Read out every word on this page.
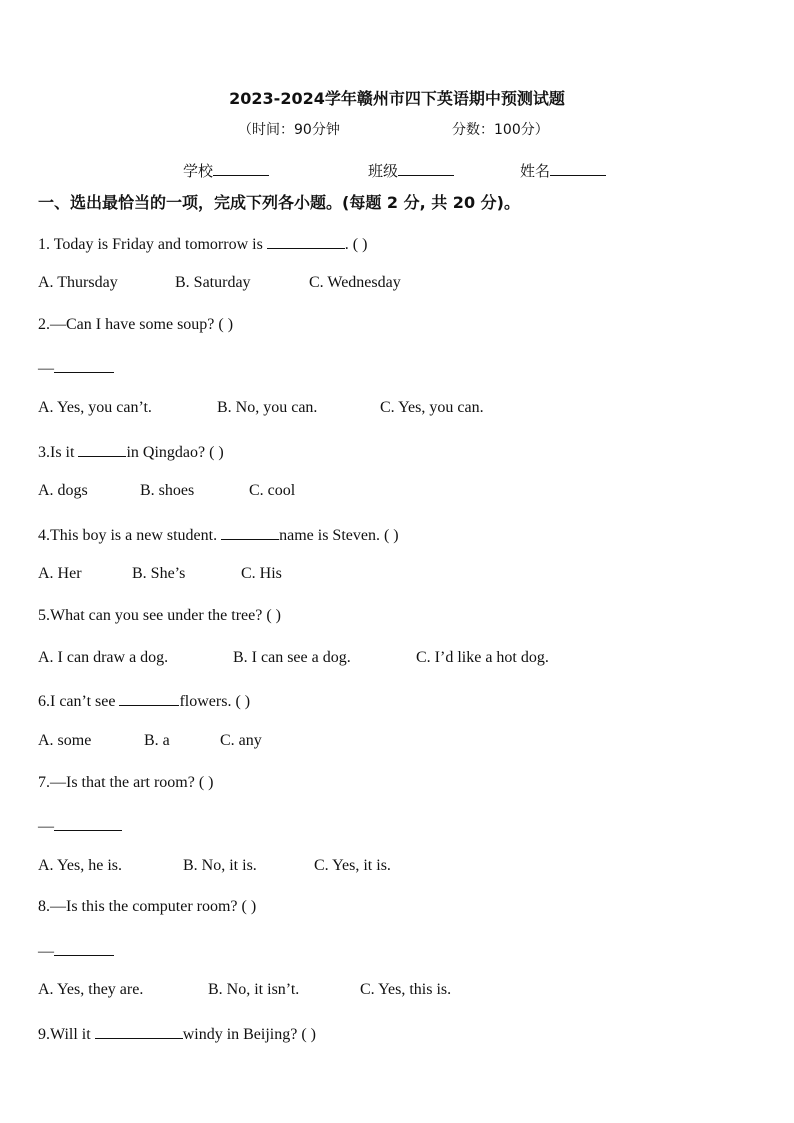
2023-2024学年赣州市四下英语期中预测试题
（时间：90分钟	分数：100分）
学校	班级	姓名
一、选出最恰当的一项，完成下列各小题。(每题 2 分, 共 20 分)。
1. Today is Friday and tomorrow is	. ( )
A. Thursday	B. Saturday	C. Wednesday
2.—Can I have some soup? ( )
—
A. Yes, you can’t.	B. No, you can.	C. Yes, you can.
3.Is it	in Qingdao? ( )
A. dogs	B. shoes	C. cool
4.This boy is a new student.	name is Steven. ( )
A. Her	B. She’s	C. His
5.What can you see under the tree? ( )
A. I can draw a dog.	B. I can see a dog.	C. I’d like a hot dog.
6.I can’t see	flowers. ( )
A. some	B. a	C. any
7.—Is that the art room? ( )
—
A. Yes, he is.	B. No, it is.	C. Yes, it is.
8.—Is this the computer room? ( )
—
A. Yes, they are.	B. No, it isn’t.	C. Yes, this is.
9.Will it	windy in Beijing? ( )
